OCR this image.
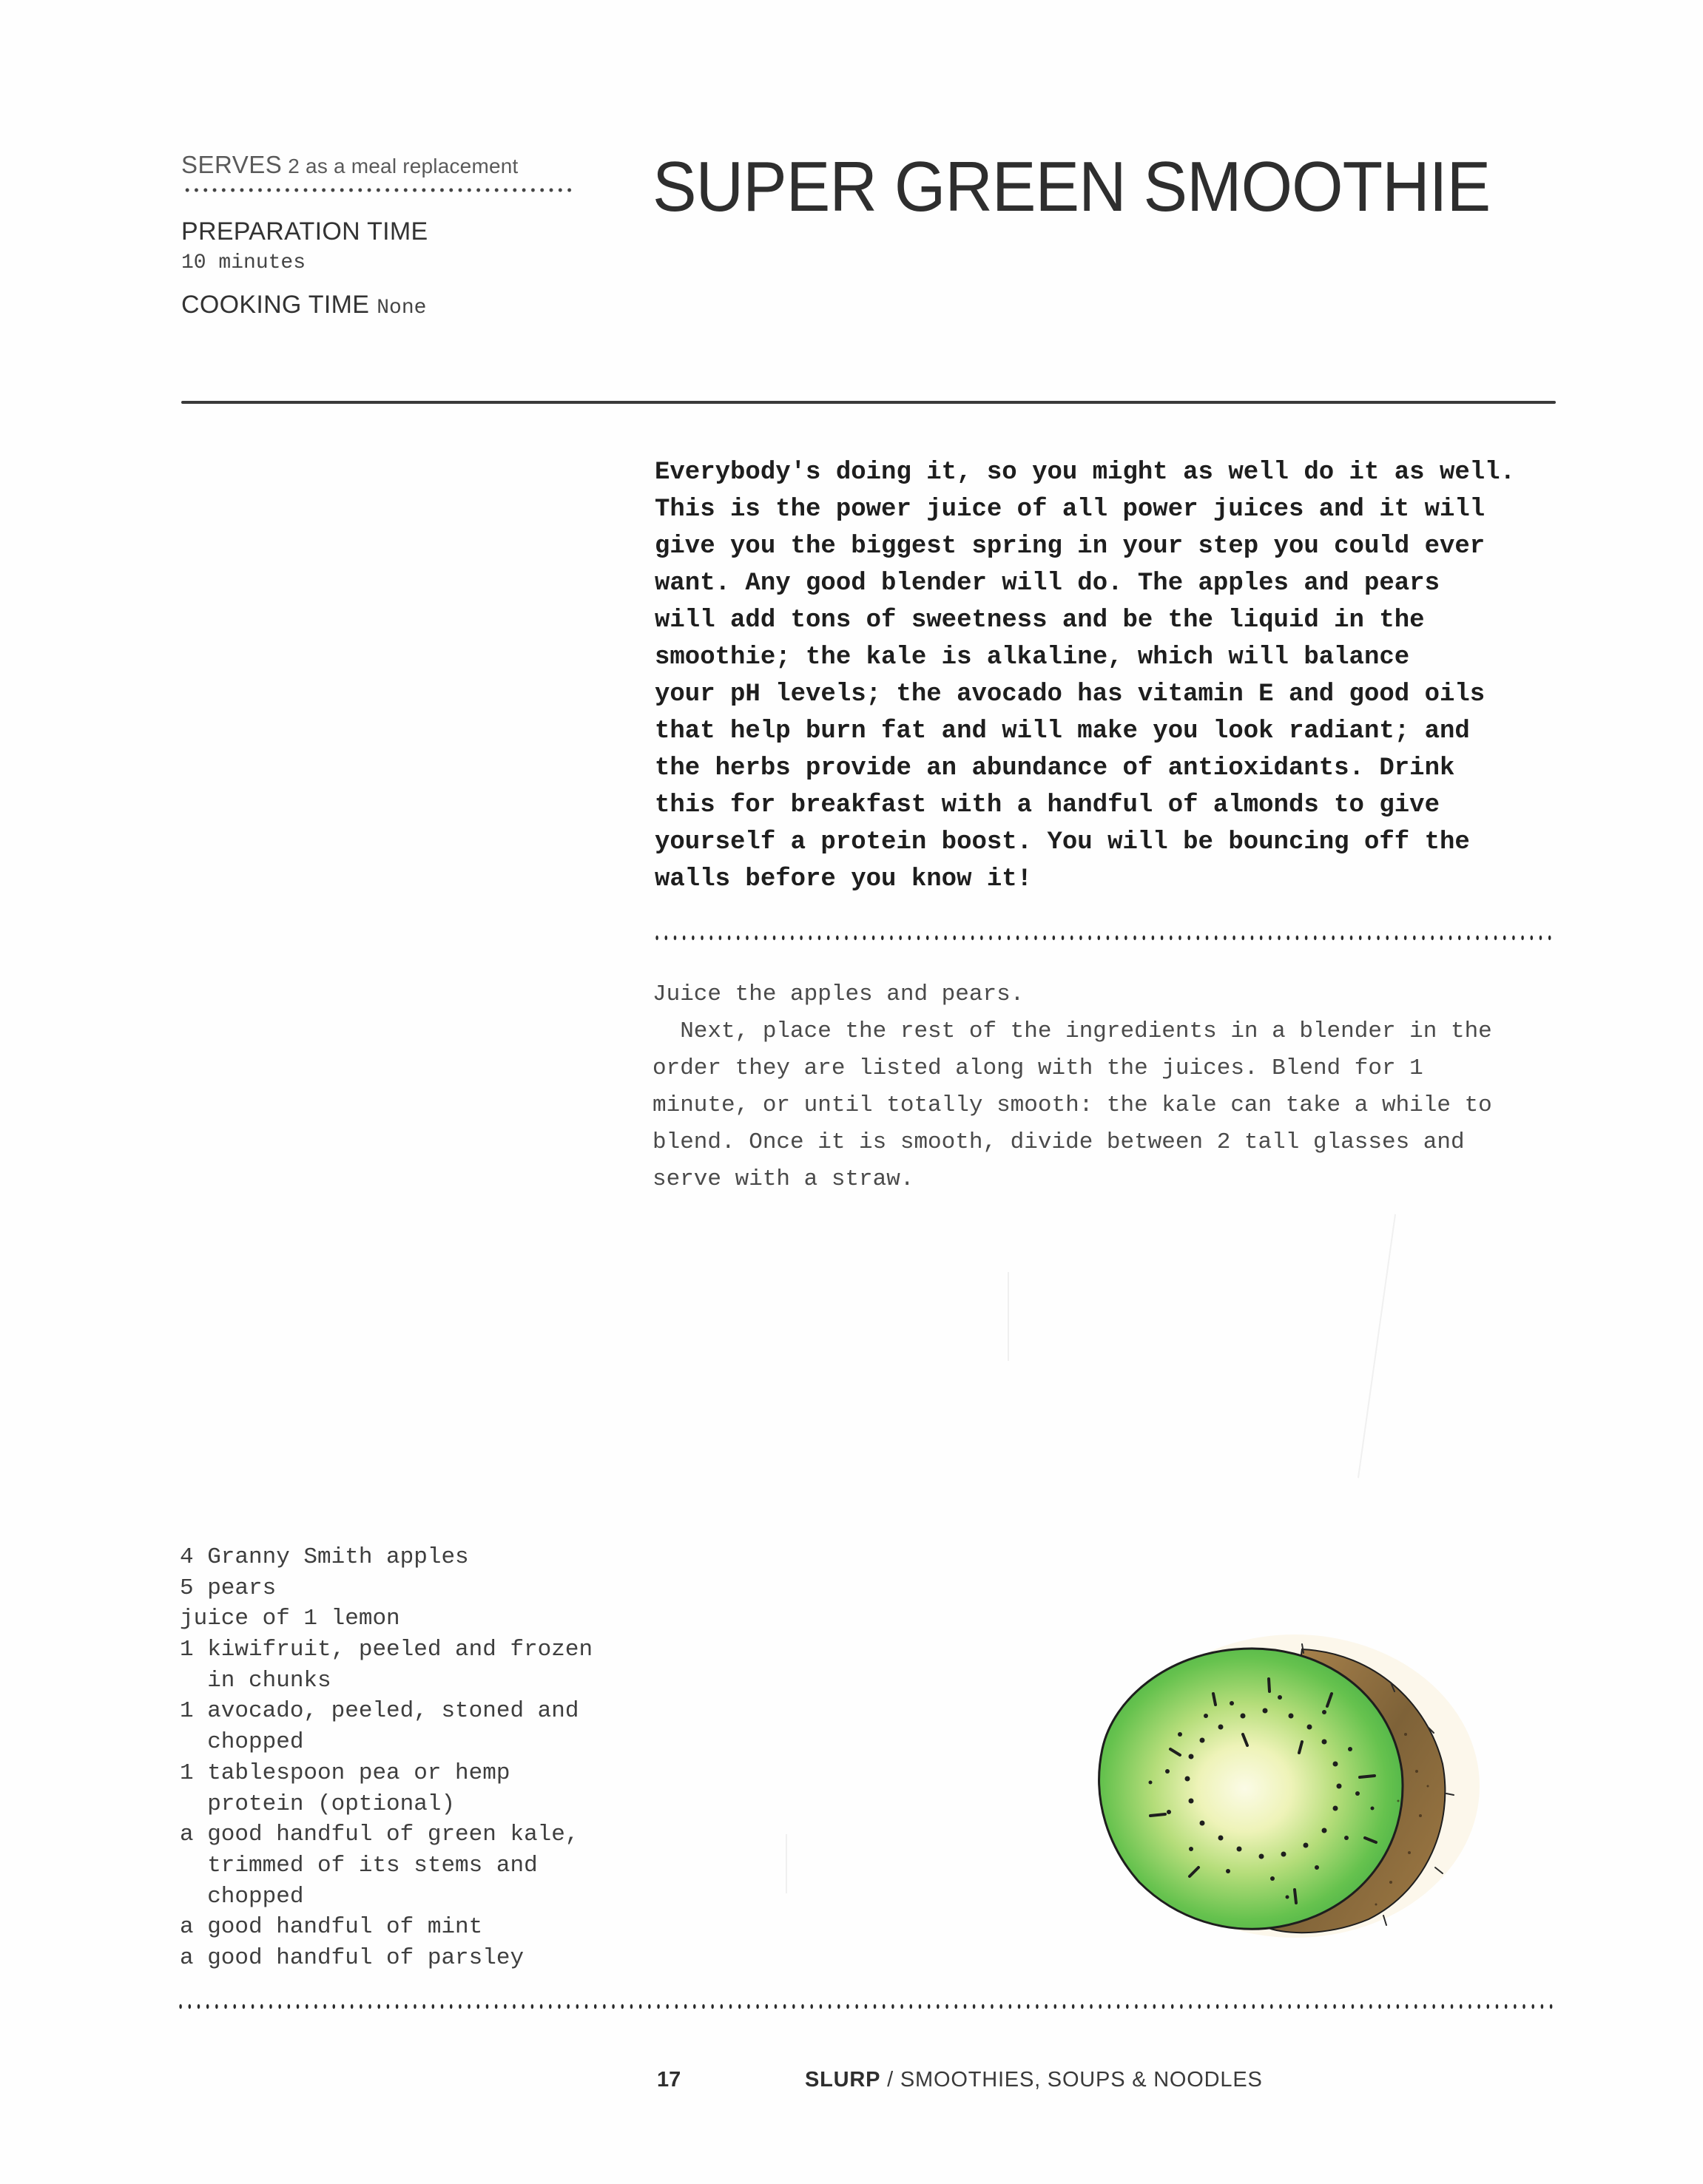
SERVES 2 as a meal replacement
PREPARATION TIME
10 minutes
COOKING TIME None
SUPER GREEN SMOOTHIE
Everybody's doing it, so you might as well do it as well.
This is the power juice of all power juices and it will
give you the biggest spring in your step you could ever
want. Any good blender will do. The apples and pears
will add tons of sweetness and be the liquid in the
smoothie; the kale is alkaline, which will balance
your pH levels; the avocado has vitamin E and good oils
that help burn fat and will make you look radiant; and
the herbs provide an abundance of antioxidants. Drink
this for breakfast with a handful of almonds to give
yourself a protein boost. You will be bouncing off the
walls before you know it!
Juice the apples and pears.
Next, place the rest of the ingredients in a blender in the
order they are listed along with the juices. Blend for 1
minute, or until totally smooth: the kale can take a while to
blend. Once it is smooth, divide between 2 tall glasses and
serve with a straw.
4 Granny Smith apples
5 pears
juice of 1 lemon
1 kiwifruit, peeled and frozen
in chunks
1 avocado, peeled, stoned and
chopped
1 tablespoon pea or hemp
protein (optional)
a good handful of green kale,
trimmed of its stems and
chopped
a good handful of mint
a good handful of parsley
17	SLURP / SMOOTHIES, SOUPS & NOODLES
